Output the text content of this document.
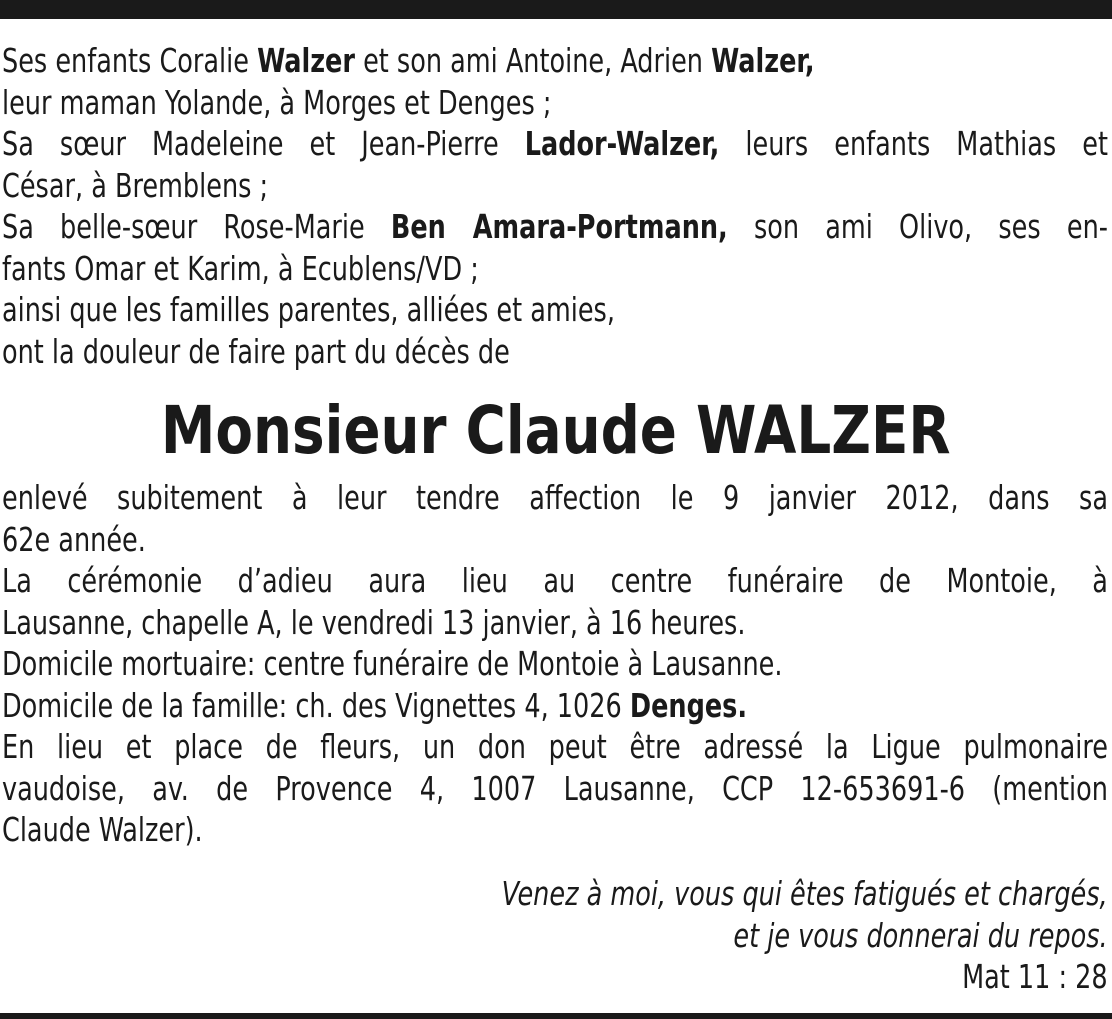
Ses enfants Coralie Walzer et son ami Antoine, Adrien Walzer,
leur maman Yolande, à Morges et Denges ;
Sa sœur Madeleine et Jean-Pierre Lador-Walzer, leurs enfants Mathias et
César, à Bremblens ;
Sa belle-sœur Rose-Marie Ben Amara-Portmann, son ami Olivo, ses en-
fants Omar et Karim, à Ecublens/VD ;
ainsi que les familles parentes, alliées et amies,
ont la douleur de faire part du décès de
Monsieur Claude WALZER
enlevé subitement à leur tendre affection le 9 janvier 2012, dans sa
62e année.
La cérémonie d’adieu aura lieu au centre funéraire de Montoie, à
Lausanne, chapelle A, le vendredi 13 janvier, à 16 heures.
Domicile mortuaire: centre funéraire de Montoie à Lausanne.
Domicile de la famille: ch. des Vignettes 4, 1026 Denges.
En lieu et place de fleurs, un don peut être adressé la Ligue pulmonaire
vaudoise, av. de Provence 4, 1007 Lausanne, CCP 12-653691-6 (mention
Claude Walzer).
Venez à moi, vous qui êtes fatigués et chargés,
et je vous donnerai du repos.
Mat 11 : 28
